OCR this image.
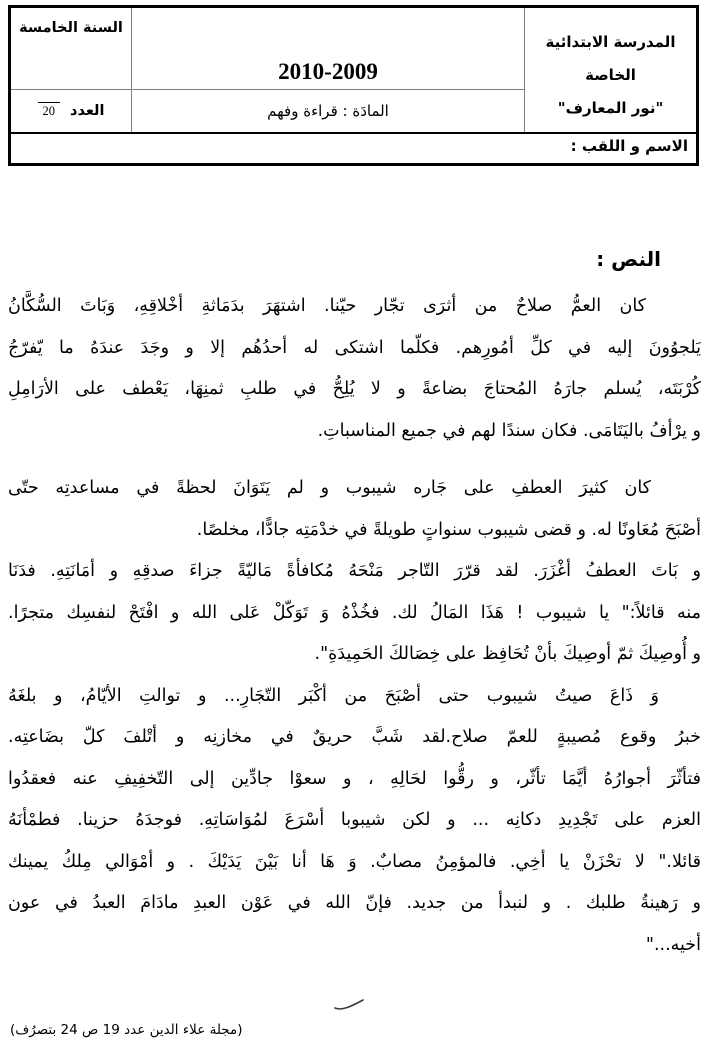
المدرسة الابتدائية الخاصة
"نور المعارف"
2010-2009
المادَة : قراءة وفهم
السنة الخامسة
العدد
20
الاسم و اللقب :
النص :
كان العمُّ صلاحٌ من أثرَى تجّار حيّنا. اشتهَرَ بدَمَاثةِ أخْلاقِهِ، وَبَاتَ السُّكَّانُ
يَلجوُونَ إليه في كلِّ أمُورِهم. فكلّما اشتكى له أحدُهُم إلا و وجَدَ عندَهُ ما يّفرّجُ
كُرْبَتَه، يُسلم جارَهُ المُحتاجَ بضاعةً و لا يُلِحُّ في طلبِ ثمنِهَا، يَعْطف على الأرَامِلِ
و يرْأفُ باليَتَامَى. فكان سندًا لهم في جميع المناسباتِ.
كان كثيرَ العطفِ على جَاره شيبوب و لم يَتَوَانَ لحظةً في مساعدتِه حتّى
أصْبَحَ مُعَاونًا له. و قضى شيبوب سنواتٍ طويلةً في خدْمَتِه جادًّا، مخلصًا.
و بَاتَ العطفُ أغْزَرَ. لقد قرّرَ التّاجر مَنْحَهُ مُكافأةً مَاليّةً جزاءَ صدقِهِ و أمَانَتِهِ. فدَنَا
منه قائلاً:" يا شيبوب ! هَذَا المَالُ لك. فخُذْهُ وَ تَوَكّلْ عَلى الله و افْتَحْ لنفسِك متجرًا.
و أُوصِيكَ ثمّ أوصِيكَ بأنْ تُحَافِظ على خِصَالكَ الحَمِيدَةِ".
وَ ذَاعَ صيتُ شيبوب حتى أصْبَحَ من أكْبَر التّجَارِ... و توالتِ الأيّامُ، و بلغَهُ
خبرُ وقوع مُصيبةٍ للعمّ صلاح.لقد شَبَّ حريقٌ في مخازنِه و أتْلفَ كلّ بضَاعتِه.
فتأثّرَ أجوارُهُ أيَّمَا تأثّر، و رقُّوا لحَالِهِ ، و سعوْا جادِّين إلى التّخفِيفِ عنه فعقدُوا
العزم على تَجْدِيدِ دكانِه ... و لكن شيبوبا أسْرَعَ لمُوَاسَاتِهِ. فوجدَهُ حزينا. فطمْأنَهُ
قائلا." لا تحْزَنْ يا أخِي. فالمؤمِنُ مصابٌ. وَ هَا أنا بَيْنَ يَدَيْكَ . و أمْوَالي مِلكُ يمينك
و رَهينةُ طلبك . و لنبدأ من جديد. فإنّ الله في عَوْن العبدِ مادَامَ العبدُ في عون
أخيه..."
(مجلة علاء الدين عدد 19 ص 24 بتصرُف)
